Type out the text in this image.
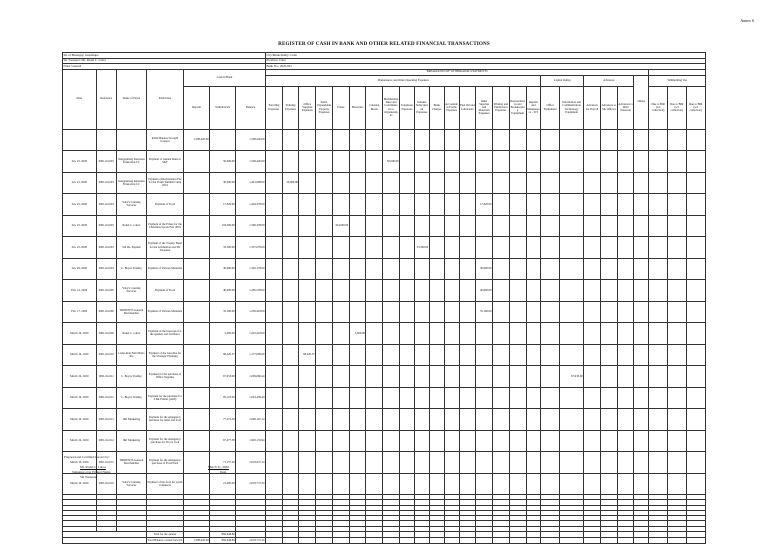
Annex 6
REGISTER OF CASH IN BANK AND OTHER RELATED FINANCIAL TRANSACTIONS
SK of Barangay: Guadalupe							City/Municipality: Cebu																									
SK Treasurer: Mr. Rodel C. Labor							Province: Cebu																									
Fund: General							Bank No.: 2020-001																									
Date	Reference	Name of Payee	Particulars	Cash in Bank			BREAKDOWN OF WITHDRAWALS/PAYMENTS																									
							Maintenance and Other Operating Expenses																	Capital Outlay		Advances			Others	Withholding Tax		

				Deposit	Withdrawals	Balance	Traveling Expenses	Training Expenses	Office Supplies Expenses	Semi-Expendable Property Expenses	Prizes	Honoraria	Catering Meals	Membership Dues and Contributions to Organizations	Telephone Expenses	Internet Subscription Expenses	Bank Charges	Accountable Forms Expenses	Fuel Oil and Lubricants	Other Supplies and Materials Expenses	Printing and Publication Expenses	Representation and Bookkeeping Equipment	Repairs and Maintenance - ICT	Office Equipment	Information and Communication Technology Equipment	Advances for Payroll	Advances to SK Official	Advances to SDO Treasurer		Due to BIR (w/t collection)	Due to BIR (w/t collection)	Due to BIR (w/t collection)
			Initial Balance brought forward	1,598,420.00		1,598,420.00																										
Jan. 23, 2020	0001-04-003	Sangguniang Kabataan Federation CC	Payment of Annual Dues to SKF		50,000.00	1,548,420.00								50,000.00																		
Jan. 23, 2020	0001-04-003	Sangguniang Kabataan Federation CC	Payment of Registration Fee for the Youth Summit Camp 2019		30,000.00	1,491,998.00		30,000.00																								
Jan. 23, 2020	0001-04-003	Yoby's Catering Services	Payment of Food		17,620.00	1,494,378.00														17,620.00												
Jan. 23, 2020	0001-04-003	Rodel C. Labor	Payment of the Prizes for the Christmas Sports Fest 2019		104,000.00	1,390,378.00					104,000.00																					
Jan. 23, 2020	0001-04-003	Sid Da. Espinal	Payment of the Trophy, Band for the Graduation and SK Treasurer		33,300.00	1,357,078.00										33,300.00																
Jan. 29, 2020	0001-04-004	C. Boyas Trading	Payment of Various Materials		30,900.00	1,326,178.00														30,900.00												
Feb. 14, 2020	0001-04-005	Yoby's Catering Services	Payment of Food		40,600.00	1,285,578.00														40,600.00												
Feb. 17, 2020	0001-04-006	TRIDENTS General Merchandise	Payment of Various Materials		35,160.00	1,250,418.00														35,160.00												
March 16, 2020	0001-04-009	Rodel C. Labor	Payment of the honoraria for the speaker and facilitator		5,000.00	1,245,418.00						5,000.00																				
March 16, 2020	0001-04-010	Lisha Aida Fem Maria Ilia	Payment of the Gasoline for the Strategic Planning		68,420.57	1,177,000.00			68,420.57																							
March 19, 2020	0001-04-011	C. Boyas Trading	Payment for the purchase of Office Supplies		67,933.00	1,099,066.44																			67,933.00							
March 19, 2020	0001-04-012	C. Boyas Trading	Payment for the purchase for 2 Ink Printer (refill)		85,123.00	1,043,439.44																										
March 19, 2020	0001-04-013	J&J Marketing	Payment for the emergency purchase for relief and food		77,272.39	1,006,167.14																										
March 19, 2020	0001-04-014	J&J Marketing	Payment for the emergency purchase for 30 pcs food		67,477.38	1,993,133.94																										
March 19, 2020	0001-04-015	TRIDENTS General Merchandise	Payment for the emergency purchase of Food Pack		71,157.20	2,018,972.14																										
March 19, 2020	0001-04-016	Yoby's Catering Services	Payment of the food for youth volunteers		21,200.00	2,018,772.34																										

			Total for the quarter		884,648.86																											
			Total Balance carried forward	1,598,420.00	884,648.86	2,018,772.34																										
Prepared and Certified Correct by:
Mr. Rodel C. Labor
Signature over Printed Name
SK Treasurer
March 31, 2020
Date
